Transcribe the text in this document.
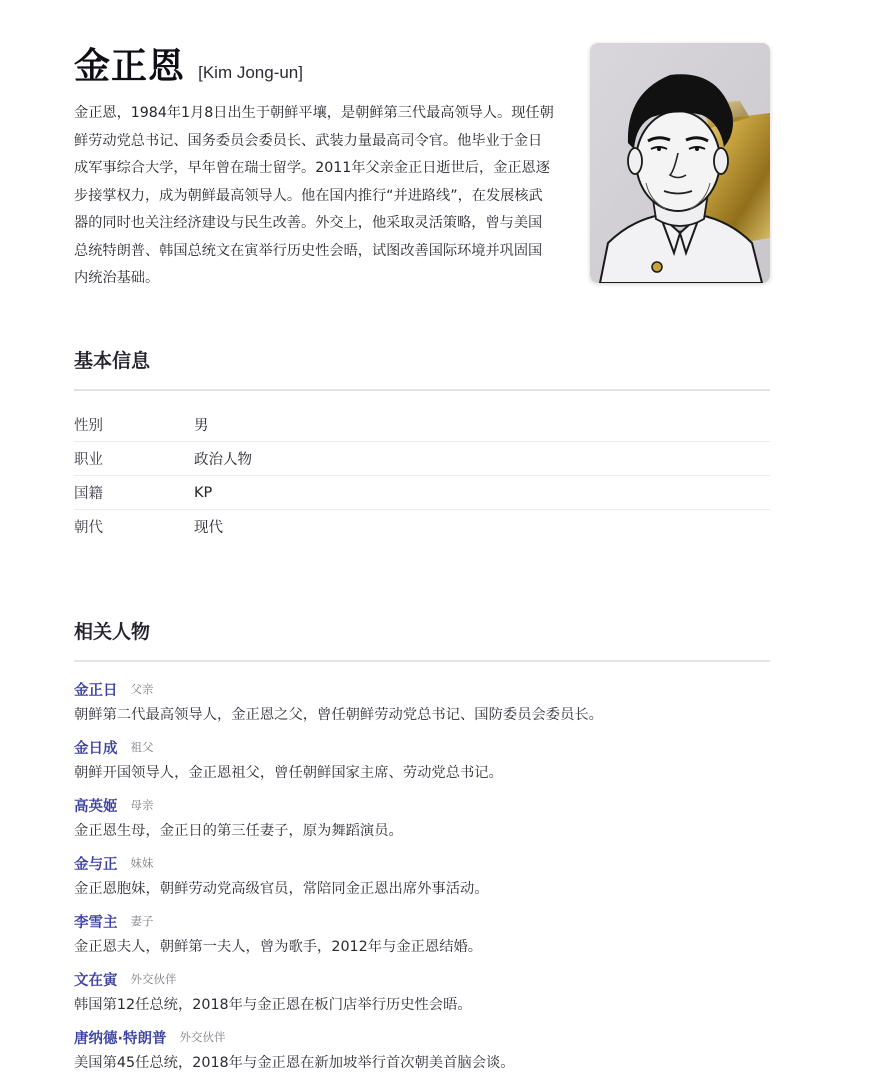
金正恩 [Kim Jong-un]

金正恩，1984年1月8日出生于朝鲜平壤，是朝鲜第三代最高领导人。现任朝鲜劳动党总书记、国务委员会委员长、武装力量最高司令官。他毕业于金日成军事综合大学，早年曾在瑞士留学。2011年父亲金正日逝世后，金正恩逐步接掌权力，成为朝鲜最高领导人。他在国内推行“并进路线”，在发展核武器的同时也关注经济建设与民生改善。外交上，他采取灵活策略，曾与美国总统特朗普、韩国总统文在寅举行历史性会晤，试图改善国际环境并巩固国内统治基础。

基本信息
性别	男
职业	政治人物
国籍	KP
朝代	现代
相关人物
金正日 父亲
朝鲜第二代最高领导人，金正恩之父，曾任朝鲜劳动党总书记、国防委员会委员长。
金日成 祖父
朝鲜开国领导人，金正恩祖父，曾任朝鲜国家主席、劳动党总书记。
高英姬 母亲
金正恩生母，金正日的第三任妻子，原为舞蹈演员。
金与正 妹妹
金正恩胞妹，朝鲜劳动党高级官员，常陪同金正恩出席外事活动。
李雪主 妻子
金正恩夫人，朝鲜第一夫人，曾为歌手，2012年与金正恩结婚。
文在寅 外交伙伴
韩国第12任总统，2018年与金正恩在板门店举行历史性会晤。
唐纳德·特朗普 外交伙伴
美国第45任总统，2018年与金正恩在新加坡举行首次朝美首脑会谈。
